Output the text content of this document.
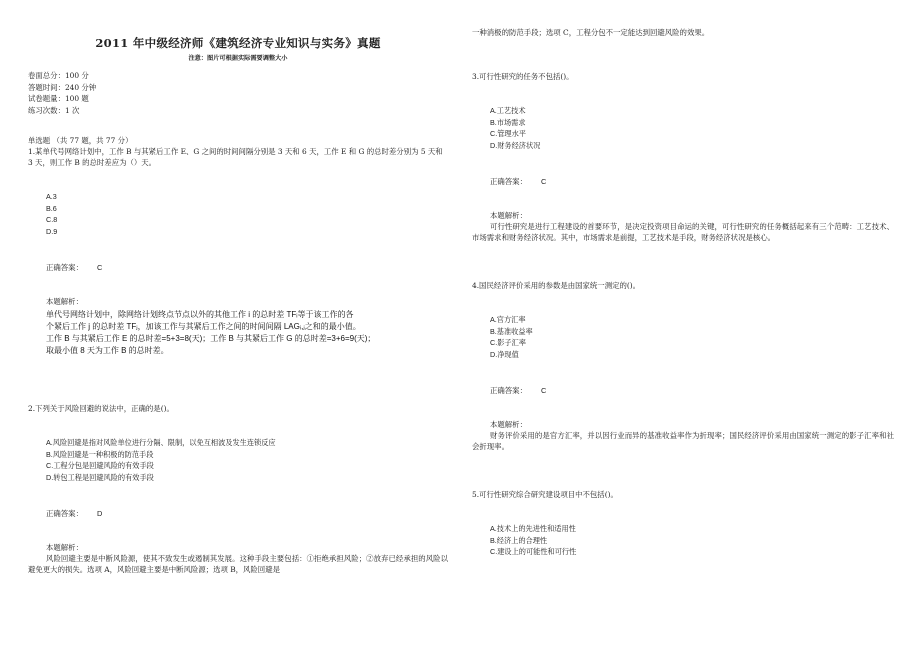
2011 年中级经济师《建筑经济专业知识与实务》真题
注意：图片可根据实际需要调整大小
卷面总分：100 分
答题时间：240 分钟
试卷题量：100 题
练习次数：1 次
单选题 （共 77 题，共 77 分）
1.某单代号网络计划中，工作 B 与其紧后工作 E、G 之间的时间间隔分别是 3 天和 6 天，工作 E 和 G 的总时差分别为 5 天和 3 天，则工作 B 的总时差应为（）天。
A.3
B.6
C.8
D.9
正确答案： C
本题解析：
单代号网络计划中，除网络计划终点节点以外的其他工作 i 的总时差 TFᵢ等于该工作的各
个紧后工作 j 的总时差 TFⱼ，加该工作与其紧后工作之间的时间间隔 LAGᵢ,ⱼ之和的最小值。
工作 B 与其紧后工作 E 的总时差=5+3=8(天)；工作 B 与其紧后工作 G 的总时差=3+6=9(天)；
取最小值 8 天为工作 B 的总时差。
2.下列关于风险回避的说法中，正确的是()。
A.风险回避是指对风险单位进行分隔、限制，以免互相波及发生连锁反应
B.风险回避是一种积极的防范手段
C.工程分包是回避风险的有效手段
D.转包工程是回避风险的有效手段
正确答案： D
本题解析：
风险回避主要是中断风险源，使其不致发生或遏制其发展。这种手段主要包括：①拒绝承担风险；②放弃已经承担的风险以避免更大的损失。选项 A，风险回避主要是中断风险源；选项 B，风险回避是
一种消极的防范手段；选项 C，工程分包不一定能达到回避风险的效果。
3.可行性研究的任务不包括()。
A.工艺技术
B.市场需求
C.管理水平
D.财务经济状况
正确答案： C
本题解析：
可行性研究是进行工程建设的首要环节，是决定投资项目命运的关键，可行性研究的任务概括起来有三个范畴：工艺技术、市场需求和财务经济状况。其中，市场需求是前提，工艺技术是手段，财务经济状况是核心。
4.国民经济评价采用的参数是由国家统一测定的()。
A.官方汇率
B.基准收益率
C.影子汇率
D.净现值
正确答案： C
本题解析：
财务评价采用的是官方汇率，并以因行业而异的基准收益率作为折现率；国民经济评价采用由国家统一测定的影子汇率和社会折现率。
5.可行性研究综合研究建设项目中不包括()。
A.技术上的先进性和适用性
B.经济上的合理性
C.建设上的可能性和可行性
